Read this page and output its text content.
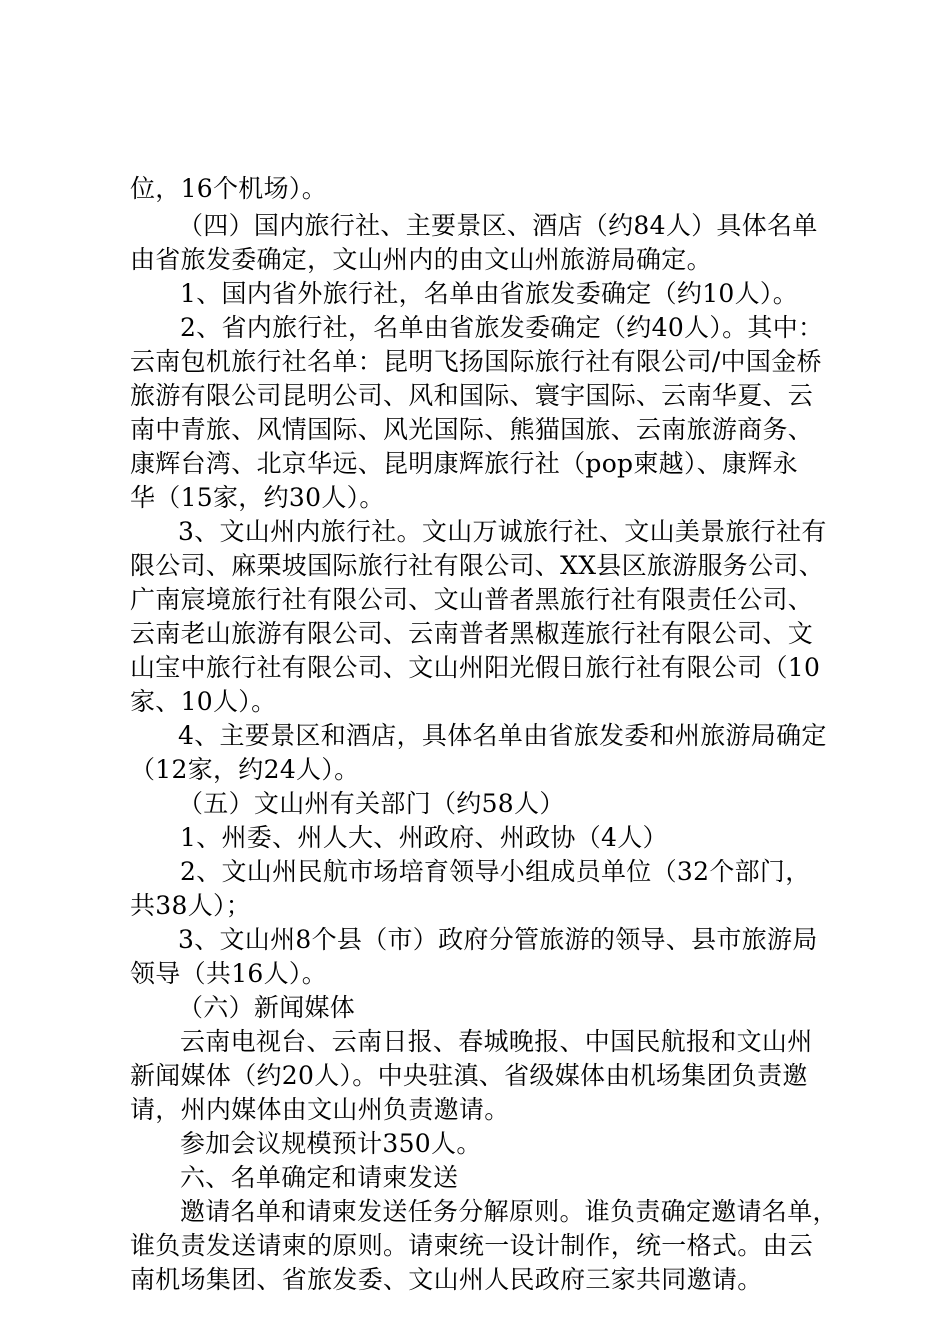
位，16个机场）。
（四）国内旅行社、主要景区、酒店（约84人）具体名单
由省旅发委确定，文山州内的由文山州旅游局确定。
1、国内省外旅行社，名单由省旅发委确定（约10人）。
2、省内旅行社，名单由省旅发委确定（约40人）。其中：
云南包机旅行社名单：昆明飞扬国际旅行社有限公司/中国金桥
旅游有限公司昆明公司、风和国际、寰宇国际、云南华夏、云
南中青旅、风情国际、风光国际、熊猫国旅、云南旅游商务、
康辉台湾、北京华远、昆明康辉旅行社（pop柬越）、康辉永
华（15家，约30人）。
3、文山州内旅行社。文山万诚旅行社、文山美景旅行社有
限公司、麻栗坡国际旅行社有限公司、XX县区旅游服务公司、
广南宸境旅行社有限公司、文山普者黑旅行社有限责任公司、
云南老山旅游有限公司、云南普者黑椒莲旅行社有限公司、文
山宝中旅行社有限公司、文山州阳光假日旅行社有限公司（10
家、10人）。
4、主要景区和酒店，具体名单由省旅发委和州旅游局确定
（12家，约24人）。
（五）文山州有关部门（约58人）
1、州委、州人大、州政府、州政协（4人）
2、文山州民航市场培育领导小组成员单位（32个部门，
共38人）；
3、文山州8个县（市）政府分管旅游的领导、县市旅游局
领导（共16人）。
（六）新闻媒体
云南电视台、云南日报、春城晚报、中国民航报和文山州
新闻媒体（约20人）。中央驻滇、省级媒体由机场集团负责邀
请，州内媒体由文山州负责邀请。
参加会议规模预计350人。
六、名单确定和请柬发送
邀请名单和请柬发送任务分解原则。谁负责确定邀请名单，
谁负责发送请柬的原则。请柬统一设计制作，统一格式。由云
南机场集团、省旅发委、文山州人民政府三家共同邀请。
